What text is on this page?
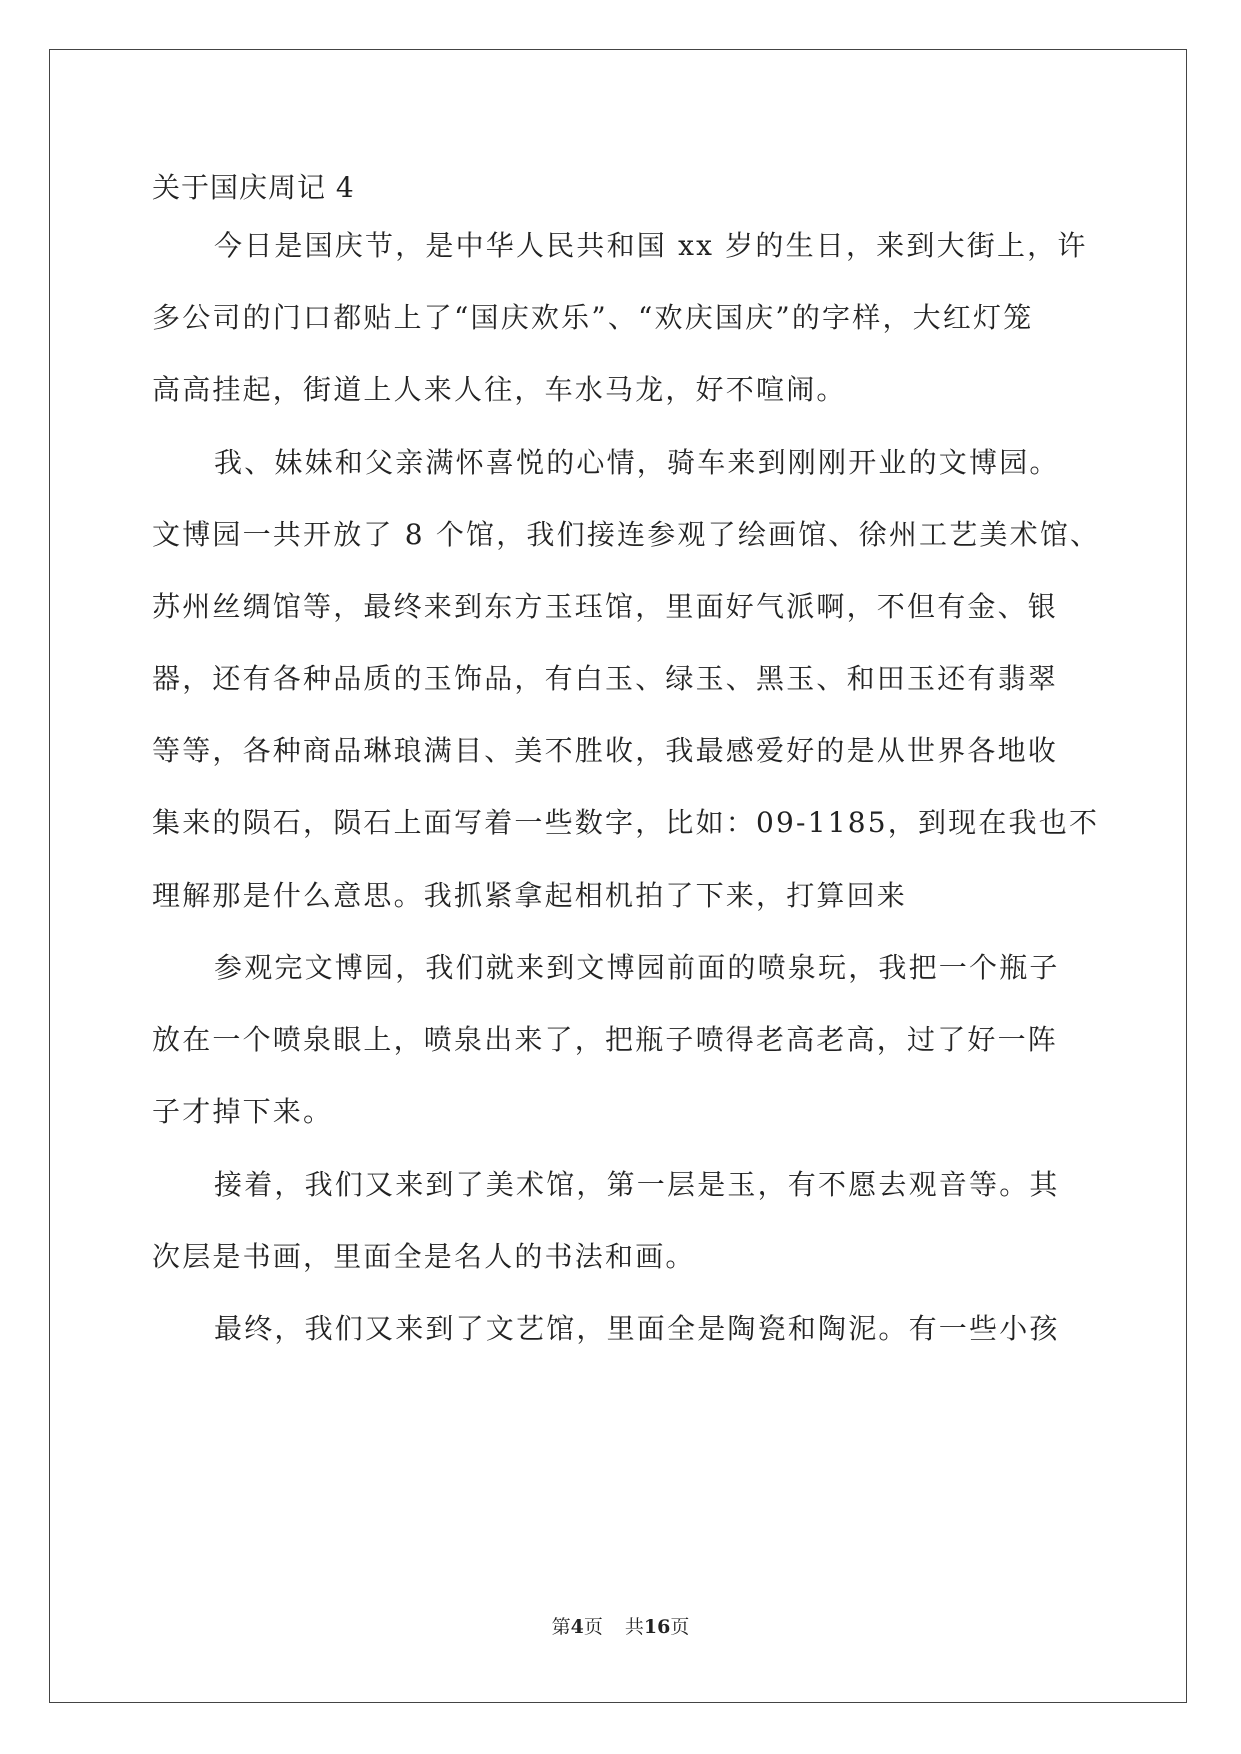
关于国庆周记 4
今日是国庆节，是中华人民共和国 xx 岁的生日，来到大街上，许
多公司的门口都贴上了“国庆欢乐”、“欢庆国庆”的字样，大红灯笼
高高挂起，街道上人来人往，车水马龙，好不喧闹。
我、妹妹和父亲满怀喜悦的心情，骑车来到刚刚开业的文博园。
文博园一共开放了 8 个馆，我们接连参观了绘画馆、徐州工艺美术馆、
苏州丝绸馆等，最终来到东方玉珏馆，里面好气派啊，不但有金、银
器，还有各种品质的玉饰品，有白玉、绿玉、黑玉、和田玉还有翡翠
等等，各种商品琳琅满目、美不胜收，我最感爱好的是从世界各地收
集来的陨石，陨石上面写着一些数字，比如：09-1185，到现在我也不
理解那是什么意思。我抓紧拿起相机拍了下来，打算回来
参观完文博园，我们就来到文博园前面的喷泉玩，我把一个瓶子
放在一个喷泉眼上，喷泉出来了，把瓶子喷得老高老高，过了好一阵
子才掉下来。
接着，我们又来到了美术馆，第一层是玉，有不愿去观音等。其
次层是书画，里面全是名人的书法和画。
最终，我们又来到了文艺馆，里面全是陶瓷和陶泥。有一些小孩
第4页 共16页
